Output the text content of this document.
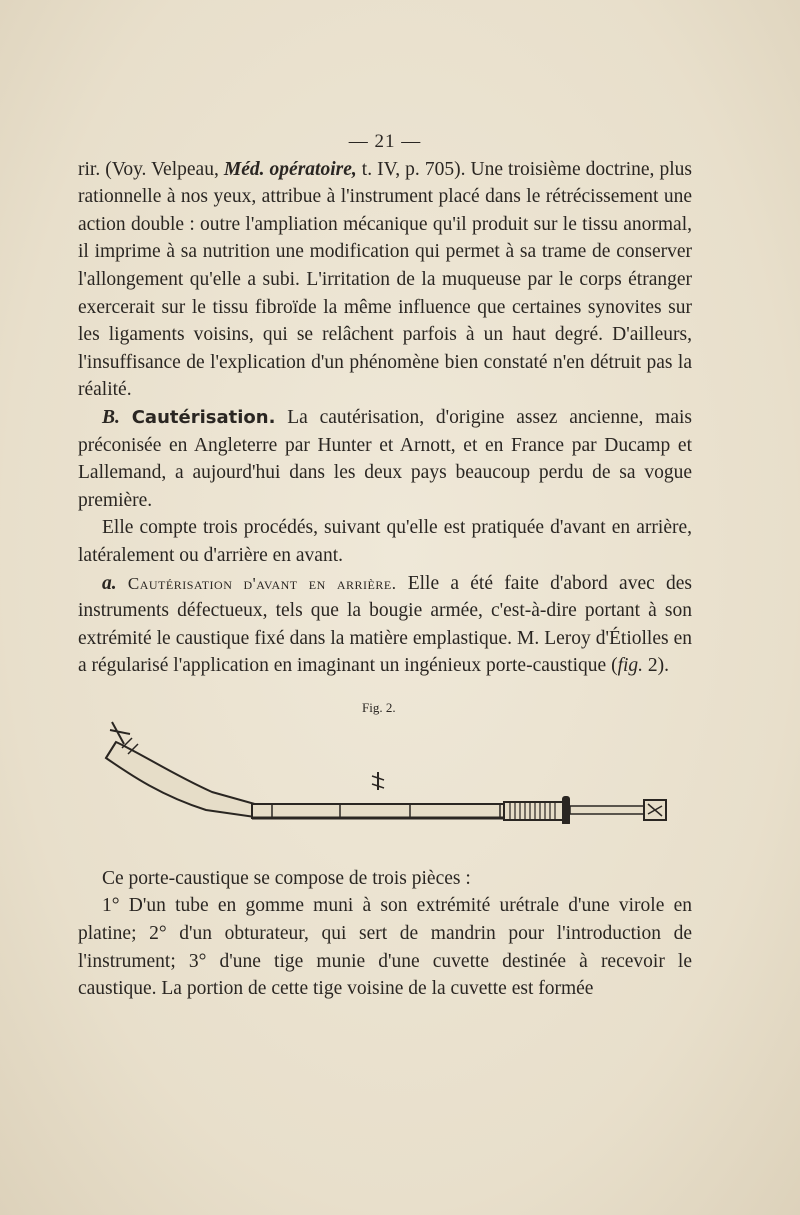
— 21 —

rir. (Voy. Velpeau, Méd. opératoire, t. IV, p. 705). Une troisième doctrine, plus rationnelle à nos yeux, attribue à l'instrument placé dans le rétrécissement une action double : outre l'ampliation mécanique qu'il produit sur le tissu anormal, il imprime à sa nutrition une modification qui permet à sa trame de conserver l'allongement qu'elle a subi. L'irritation de la muqueuse par le corps étranger exercerait sur le tissu fibroïde la même influence que certaines synovites sur les ligaments voisins, qui se relâchent parfois à un haut degré. D'ailleurs, l'insuffisance de l'explication d'un phénomène bien constaté n'en détruit pas la réalité.

B. Cautérisation. La cautérisation, d'origine assez ancienne, mais préconisée en Angleterre par Hunter et Arnott, et en France par Ducamp et Lallemand, a aujourd'hui dans les deux pays beaucoup perdu de sa vogue première.

Elle compte trois procédés, suivant qu'elle est pratiquée d'avant en arrière, latéralement ou d'arrière en avant.

a. Cautérisation d'avant en arrière. Elle a été faite d'abord avec des instruments défectueux, tels que la bougie armée, c'est-à-dire portant à son extrémité le caustique fixé dans la matière emplastique. M. Leroy d'Étiolles en a régularisé l'application en imaginant un ingénieux porte-caustique (fig. 2).

Fig. 2.

Ce porte-caustique se compose de trois pièces :

1° D'un tube en gomme muni à son extrémité urétrale d'une virole en platine; 2° d'un obturateur, qui sert de mandrin pour l'introduction de l'instrument; 3° d'une tige munie d'une cuvette destinée à recevoir le caustique. La portion de cette tige voisine de la cuvette est formée
